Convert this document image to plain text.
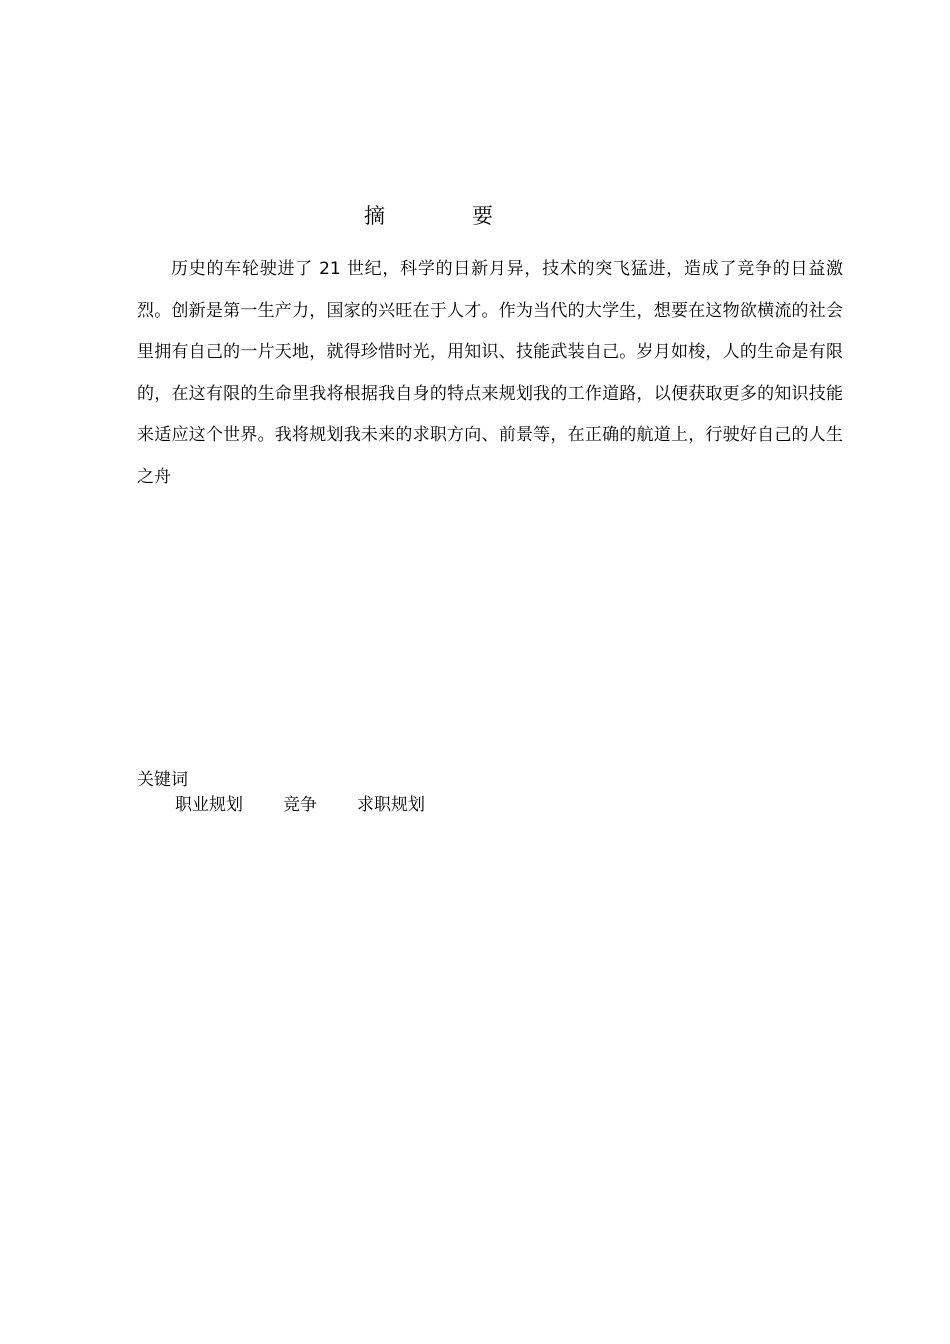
摘	要

历史的车轮驶进了 21 世纪，科学的日新月异，技术的突飞猛进，造成了竞争的日益激烈。创新是第一生产力，国家的兴旺在于人才。作为当代的大学生，想要在这物欲横流的社会里拥有自己的一片天地，就得珍惜时光，用知识、技能武装自己。岁月如梭，人的生命是有限的，在这有限的生命里我将根据我自身的特点来规划我的工作道路，以便获取更多的知识技能来适应这个世界。我将规划我未来的求职方向、前景等，在正确的航道上，行驶好自己的人生之舟

关键词

职业规划 竞争 求职规划
